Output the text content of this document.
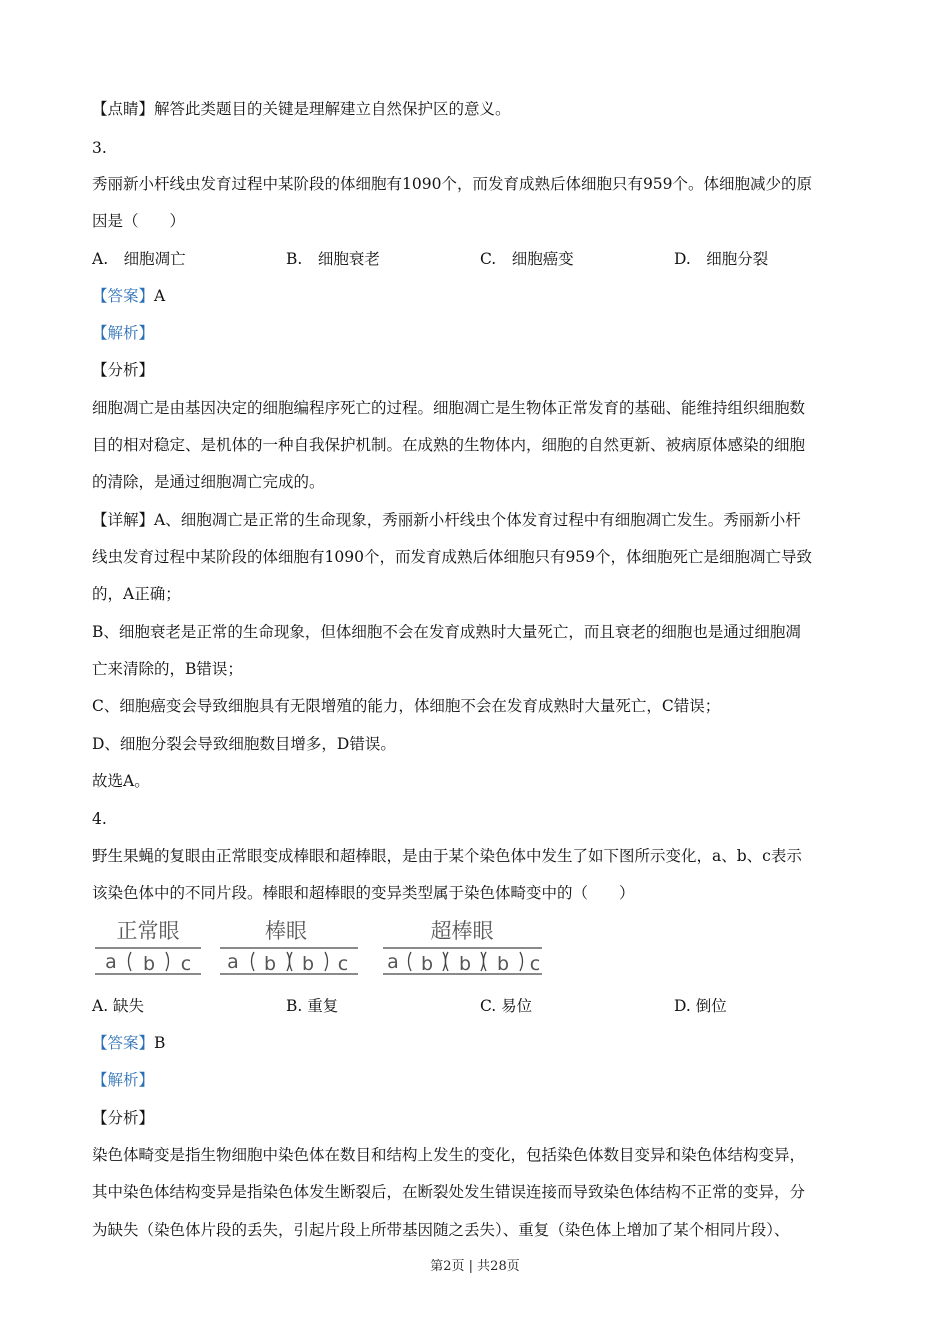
【点睛】解答此类题目的关键是理解建立自然保护区的意义。
3.
秀丽新小杆线虫发育过程中某阶段的体细胞有1090个，而发育成熟后体细胞只有959个。体细胞减少的原
因是（　　）
A.　细胞凋亡	B.　细胞衰老	C.　细胞癌变	D.　细胞分裂
【答案】A
【解析】
【分析】
细胞凋亡是由基因决定的细胞编程序死亡的过程。细胞凋亡是生物体正常发育的基础、能维持组织细胞数
目的相对稳定、是机体的一种自我保护机制。在成熟的生物体内，细胞的自然更新、被病原体感染的细胞
的清除，是通过细胞凋亡完成的。
【详解】A、细胞凋亡是正常的生命现象，秀丽新小杆线虫个体发育过程中有细胞凋亡发生。秀丽新小杆
线虫发育过程中某阶段的体细胞有1090个，而发育成熟后体细胞只有959个，体细胞死亡是细胞凋亡导致
的，A正确；
B、细胞衰老是正常的生命现象，但体细胞不会在发育成熟时大量死亡，而且衰老的细胞也是通过细胞凋
亡来清除的，B错误；
C、细胞癌变会导致细胞具有无限增殖的能力，体细胞不会在发育成熟时大量死亡，C错误；
D、细胞分裂会导致细胞数目增多，D错误。
故选A。
4.
野生果蝇的复眼由正常眼变成棒眼和超棒眼，是由于某个染色体中发生了如下图所示变化，a、b、c表示
该染色体中的不同片段。棒眼和超棒眼的变异类型属于染色体畸变中的（　　）
正常眼
a b c
棒眼
a b b c
超棒眼
a b b b c
A. 缺失	B. 重复	C. 易位	D. 倒位
【答案】B
【解析】
【分析】
染色体畸变是指生物细胞中染色体在数目和结构上发生的变化，包括染色体数目变异和染色体结构变异，
其中染色体结构变异是指染色体发生断裂后，在断裂处发生错误连接而导致染色体结构不正常的变异，分
为缺失（染色体片段的丢失，引起片段上所带基因随之丢失）、重复（染色体上增加了某个相同片段）、
第2页 | 共28页
